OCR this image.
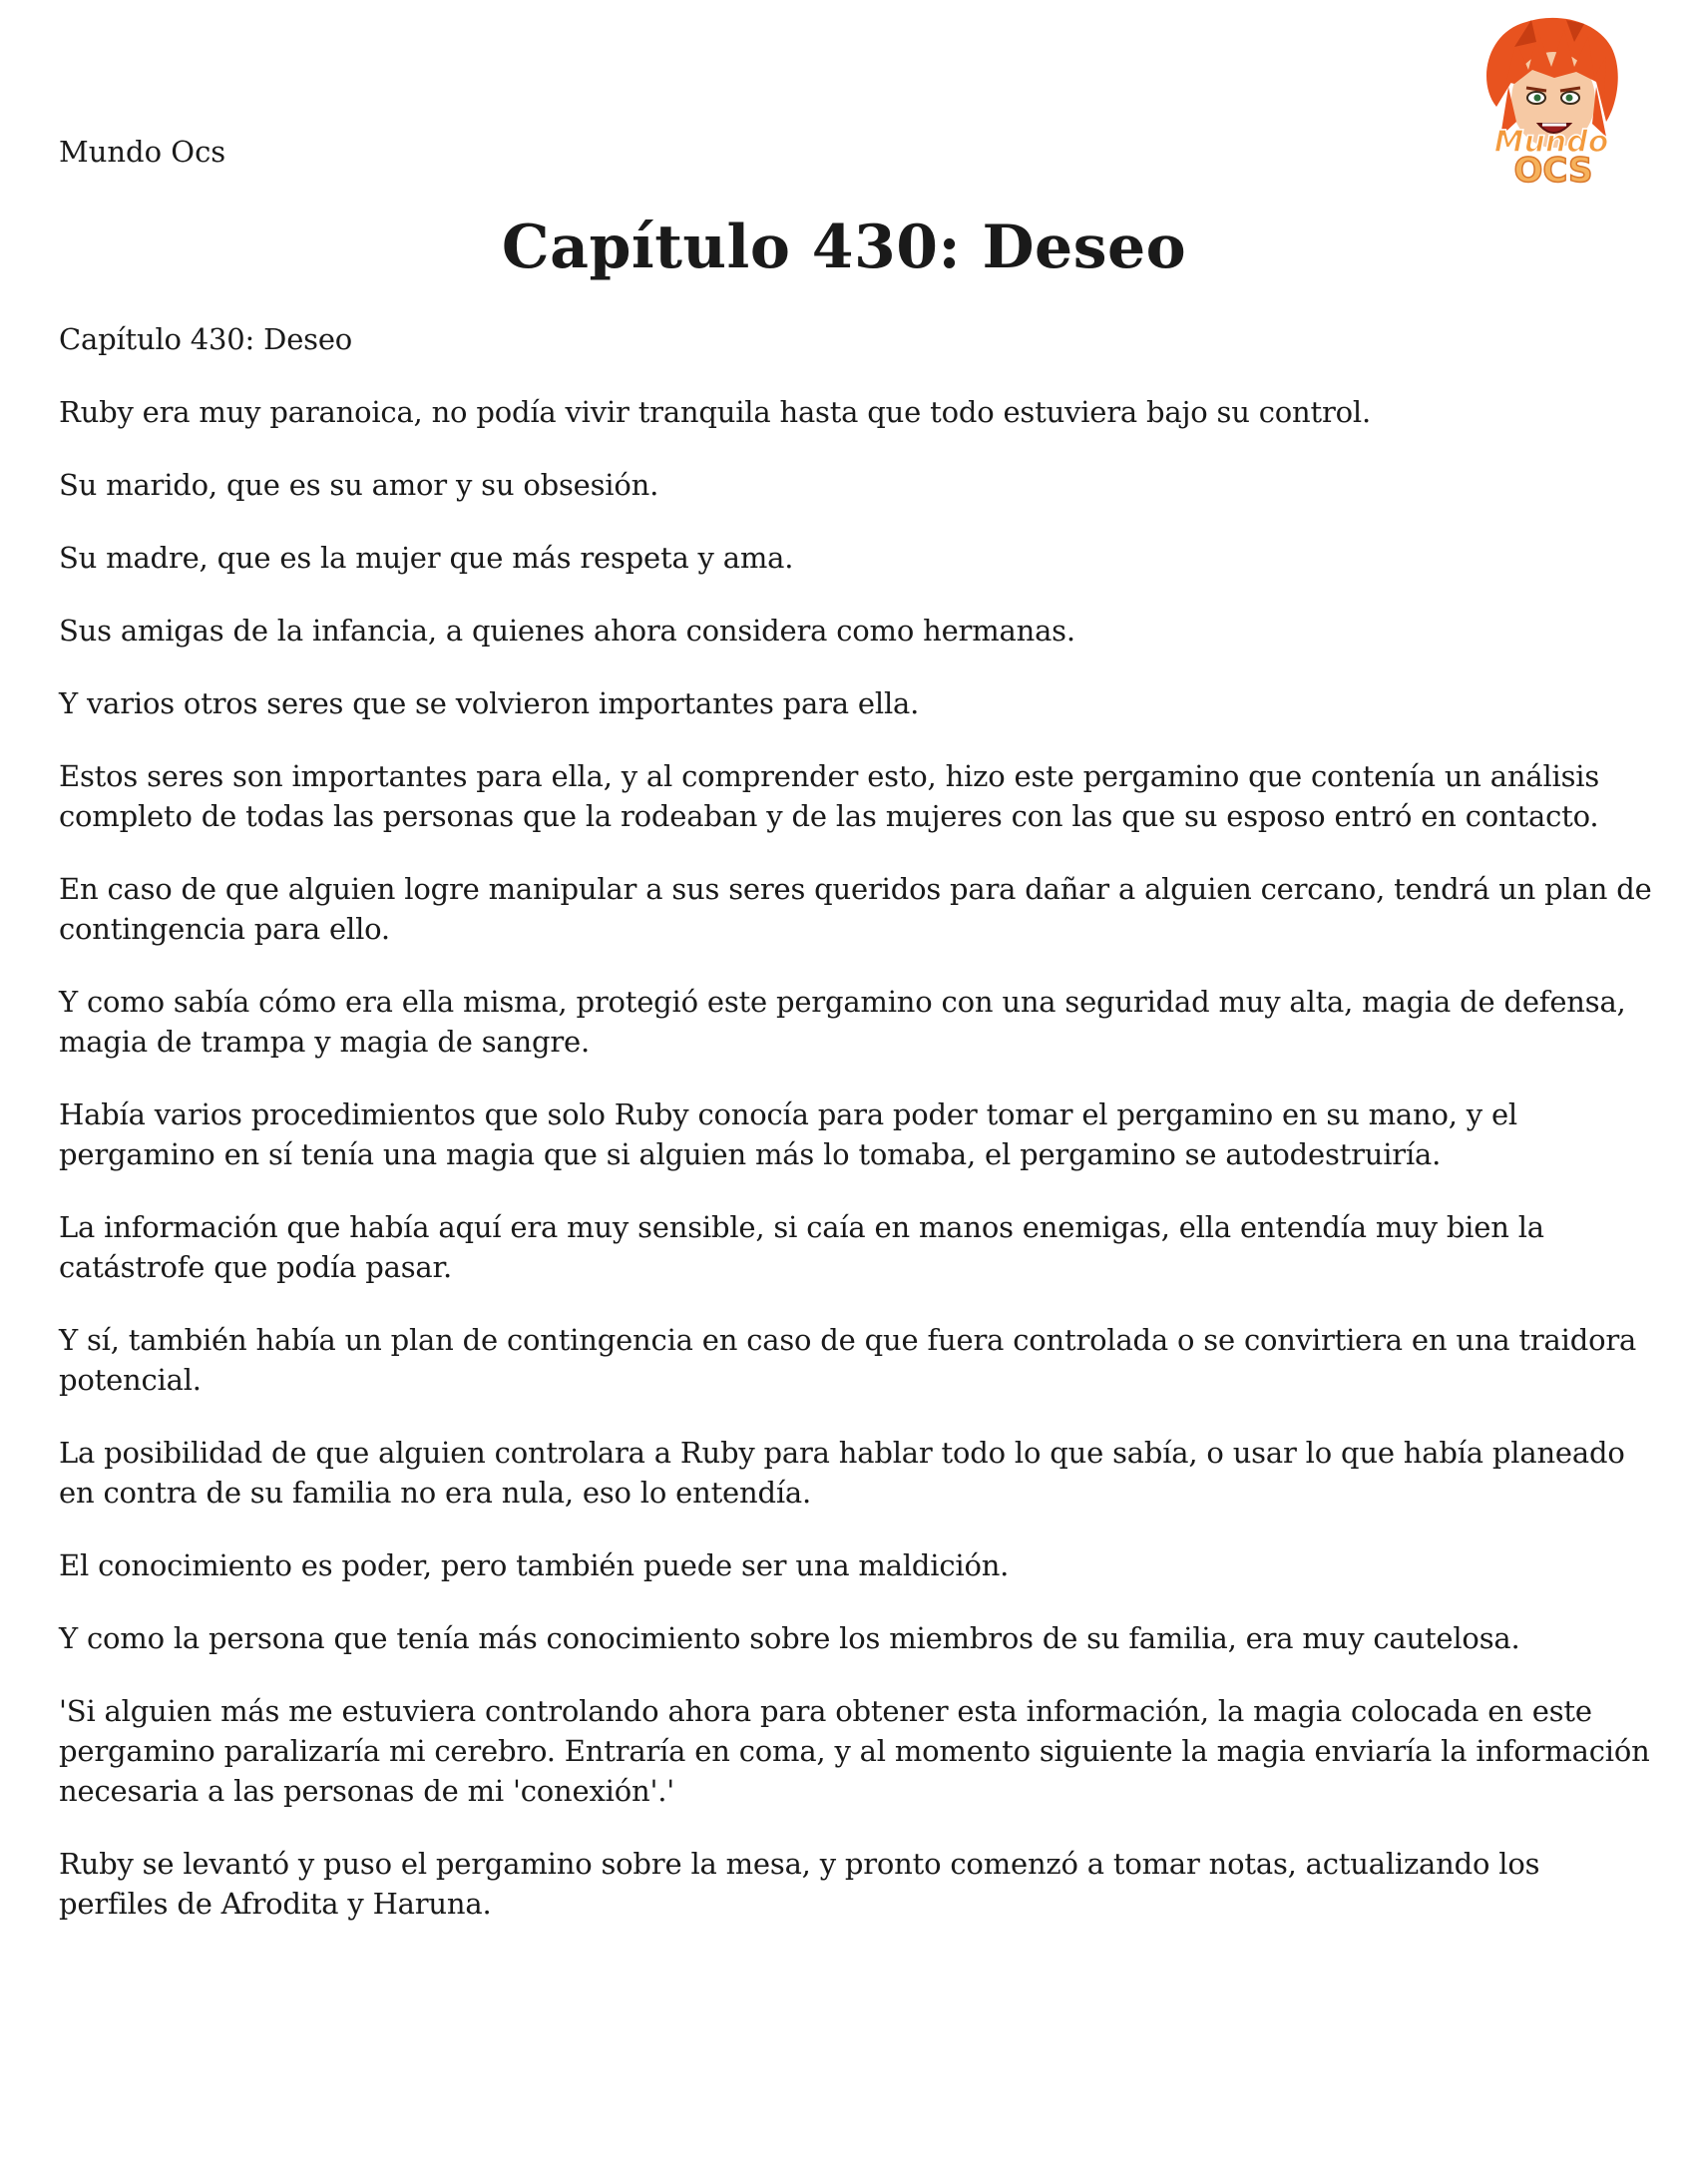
Mundo Ocs	Mundo
OCS
Capítulo 430: Deseo

Capítulo 430: Deseo

Ruby era muy paranoica, no podía vivir tranquila hasta que todo estuviera bajo su control.

Su marido, que es su amor y su obsesión.

Su madre, que es la mujer que más respeta y ama.

Sus amigas de la infancia, a quienes ahora considera como hermanas.

Y varios otros seres que se volvieron importantes para ella.

Estos seres son importantes para ella, y al comprender esto, hizo este pergamino que contenía un análisis completo de todas las personas que la rodeaban y de las mujeres con las que su esposo entró en contacto.

En caso de que alguien logre manipular a sus seres queridos para dañar a alguien cercano, tendrá un plan de contingencia para ello.

Y como sabía cómo era ella misma, protegió este pergamino con una seguridad muy alta, magia de defensa, magia de trampa y magia de sangre.

Había varios procedimientos que solo Ruby conocía para poder tomar el pergamino en su mano, y el pergamino en sí tenía una magia que si alguien más lo tomaba, el pergamino se autodestruiría.

La información que había aquí era muy sensible, si caía en manos enemigas, ella entendía muy bien la catástrofe que podía pasar.

Y sí, también había un plan de contingencia en caso de que fuera controlada o se convirtiera en una traidora potencial.

La posibilidad de que alguien controlara a Ruby para hablar todo lo que sabía, o usar lo que había planeado en contra de su familia no era nula, eso lo entendía.

El conocimiento es poder, pero también puede ser una maldición.

Y como la persona que tenía más conocimiento sobre los miembros de su familia, era muy cautelosa.

'Si alguien más me estuviera controlando ahora para obtener esta información, la magia colocada en este pergamino paralizaría mi cerebro. Entraría en coma, y al momento siguiente la magia enviaría la información necesaria a las personas de mi 'conexión'.'

Ruby se levantó y puso el pergamino sobre la mesa, y pronto comenzó a tomar notas, actualizando los perfiles de Afrodita y Haruna.
